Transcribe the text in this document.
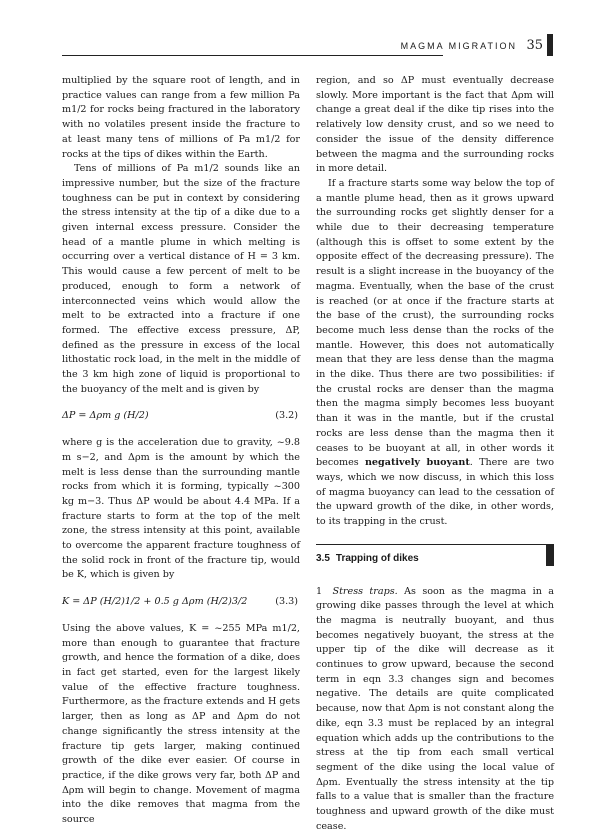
MAGMA MIGRATION 35

multiplied by the square root of length, and in practice values can range from a few million Pa m1/2 for rocks being fractured in the laboratory with no volatiles present inside the fracture to at least many tens of millions of Pa m1/2 for rocks at the tips of dikes within the Earth.

Tens of millions of Pa m1/2 sounds like an impressive number, but the size of the fracture toughness can be put in context by considering the stress intensity at the tip of a dike due to a given internal excess pressure. Consider the head of a mantle plume in which melting is occurring over a vertical distance of H = 3 km. This would cause a few percent of melt to be produced, enough to form a network of interconnected veins which would allow the melt to be extracted into a fracture if one formed. The effective excess pressure, ΔP, defined as the pressure in excess of the local lithostatic rock load, in the melt in the middle of the 3 km high zone of liquid is proportional to the buoyancy of the melt and is given by

ΔP = Δρm g (H/2)	(3.2)

where g is the acceleration due to gravity, ~9.8 m s−2, and Δρm is the amount by which the melt is less dense than the surrounding mantle rocks from which it is forming, typically ~300 kg m−3. Thus ΔP would be about 4.4 MPa. If a fracture starts to form at the top of the melt zone, the stress intensity at this point, available to overcome the apparent fracture toughness of the solid rock in front of the fracture tip, would be K, which is given by

K = ΔP (H/2)1/2 + 0.5 g Δρm (H/2)3/2	(3.3)

Using the above values, K = ~255 MPa m1/2, more than enough to guarantee that fracture growth, and hence the formation of a dike, does in fact get started, even for the largest likely value of the effective fracture toughness. Furthermore, as the fracture extends and H gets larger, then as long as ΔP and Δρm do not change significantly the stress intensity at the fracture tip gets larger, making continued growth of the dike ever easier. Of course in practice, if the dike grows very far, both ΔP and Δρm will begin to change. Movement of magma into the dike removes that magma from the source

region, and so ΔP must eventually decrease slowly. More important is the fact that Δρm will change a great deal if the dike tip rises into the relatively low density crust, and so we need to consider the issue of the density difference between the magma and the surrounding rocks in more detail.

If a fracture starts some way below the top of a mantle plume head, then as it grows upward the surrounding rocks get slightly denser for a while due to their decreasing temperature (although this is offset to some extent by the opposite effect of the decreasing pressure). The result is a slight increase in the buoyancy of the magma. Eventually, when the base of the crust is reached (or at once if the fracture starts at the base of the crust), the surrounding rocks become much less dense than the rocks of the mantle. However, this does not automatically mean that they are less dense than the magma in the dike. Thus there are two possibilities: if the crustal rocks are denser than the magma then the magma simply becomes less buoyant than it was in the mantle, but if the crustal rocks are less dense than the magma then it ceases to be buoyant at all, in other words it becomes negatively buoyant. There are two ways, which we now discuss, in which this loss of magma buoyancy can lead to the cessation of the upward growth of the dike, in other words, to its trapping in the crust.

3.5 Trapping of dikes

1 Stress traps. As soon as the magma in a growing dike passes through the level at which the magma is neutrally buoyant, and thus becomes negatively buoyant, the stress at the upper tip of the dike will decrease as it continues to grow upward, because the second term in eqn 3.3 changes sign and becomes negative. The details are quite complicated because, now that Δρm is not constant along the dike, eqn 3.3 must be replaced by an integral equation which adds up the contributions to the stress at the tip from each small vertical segment of the dike using the local value of Δρm. Eventually the stress intensity at the tip falls to a value that is smaller than the fracture toughness and upward growth of the dike must cease.
